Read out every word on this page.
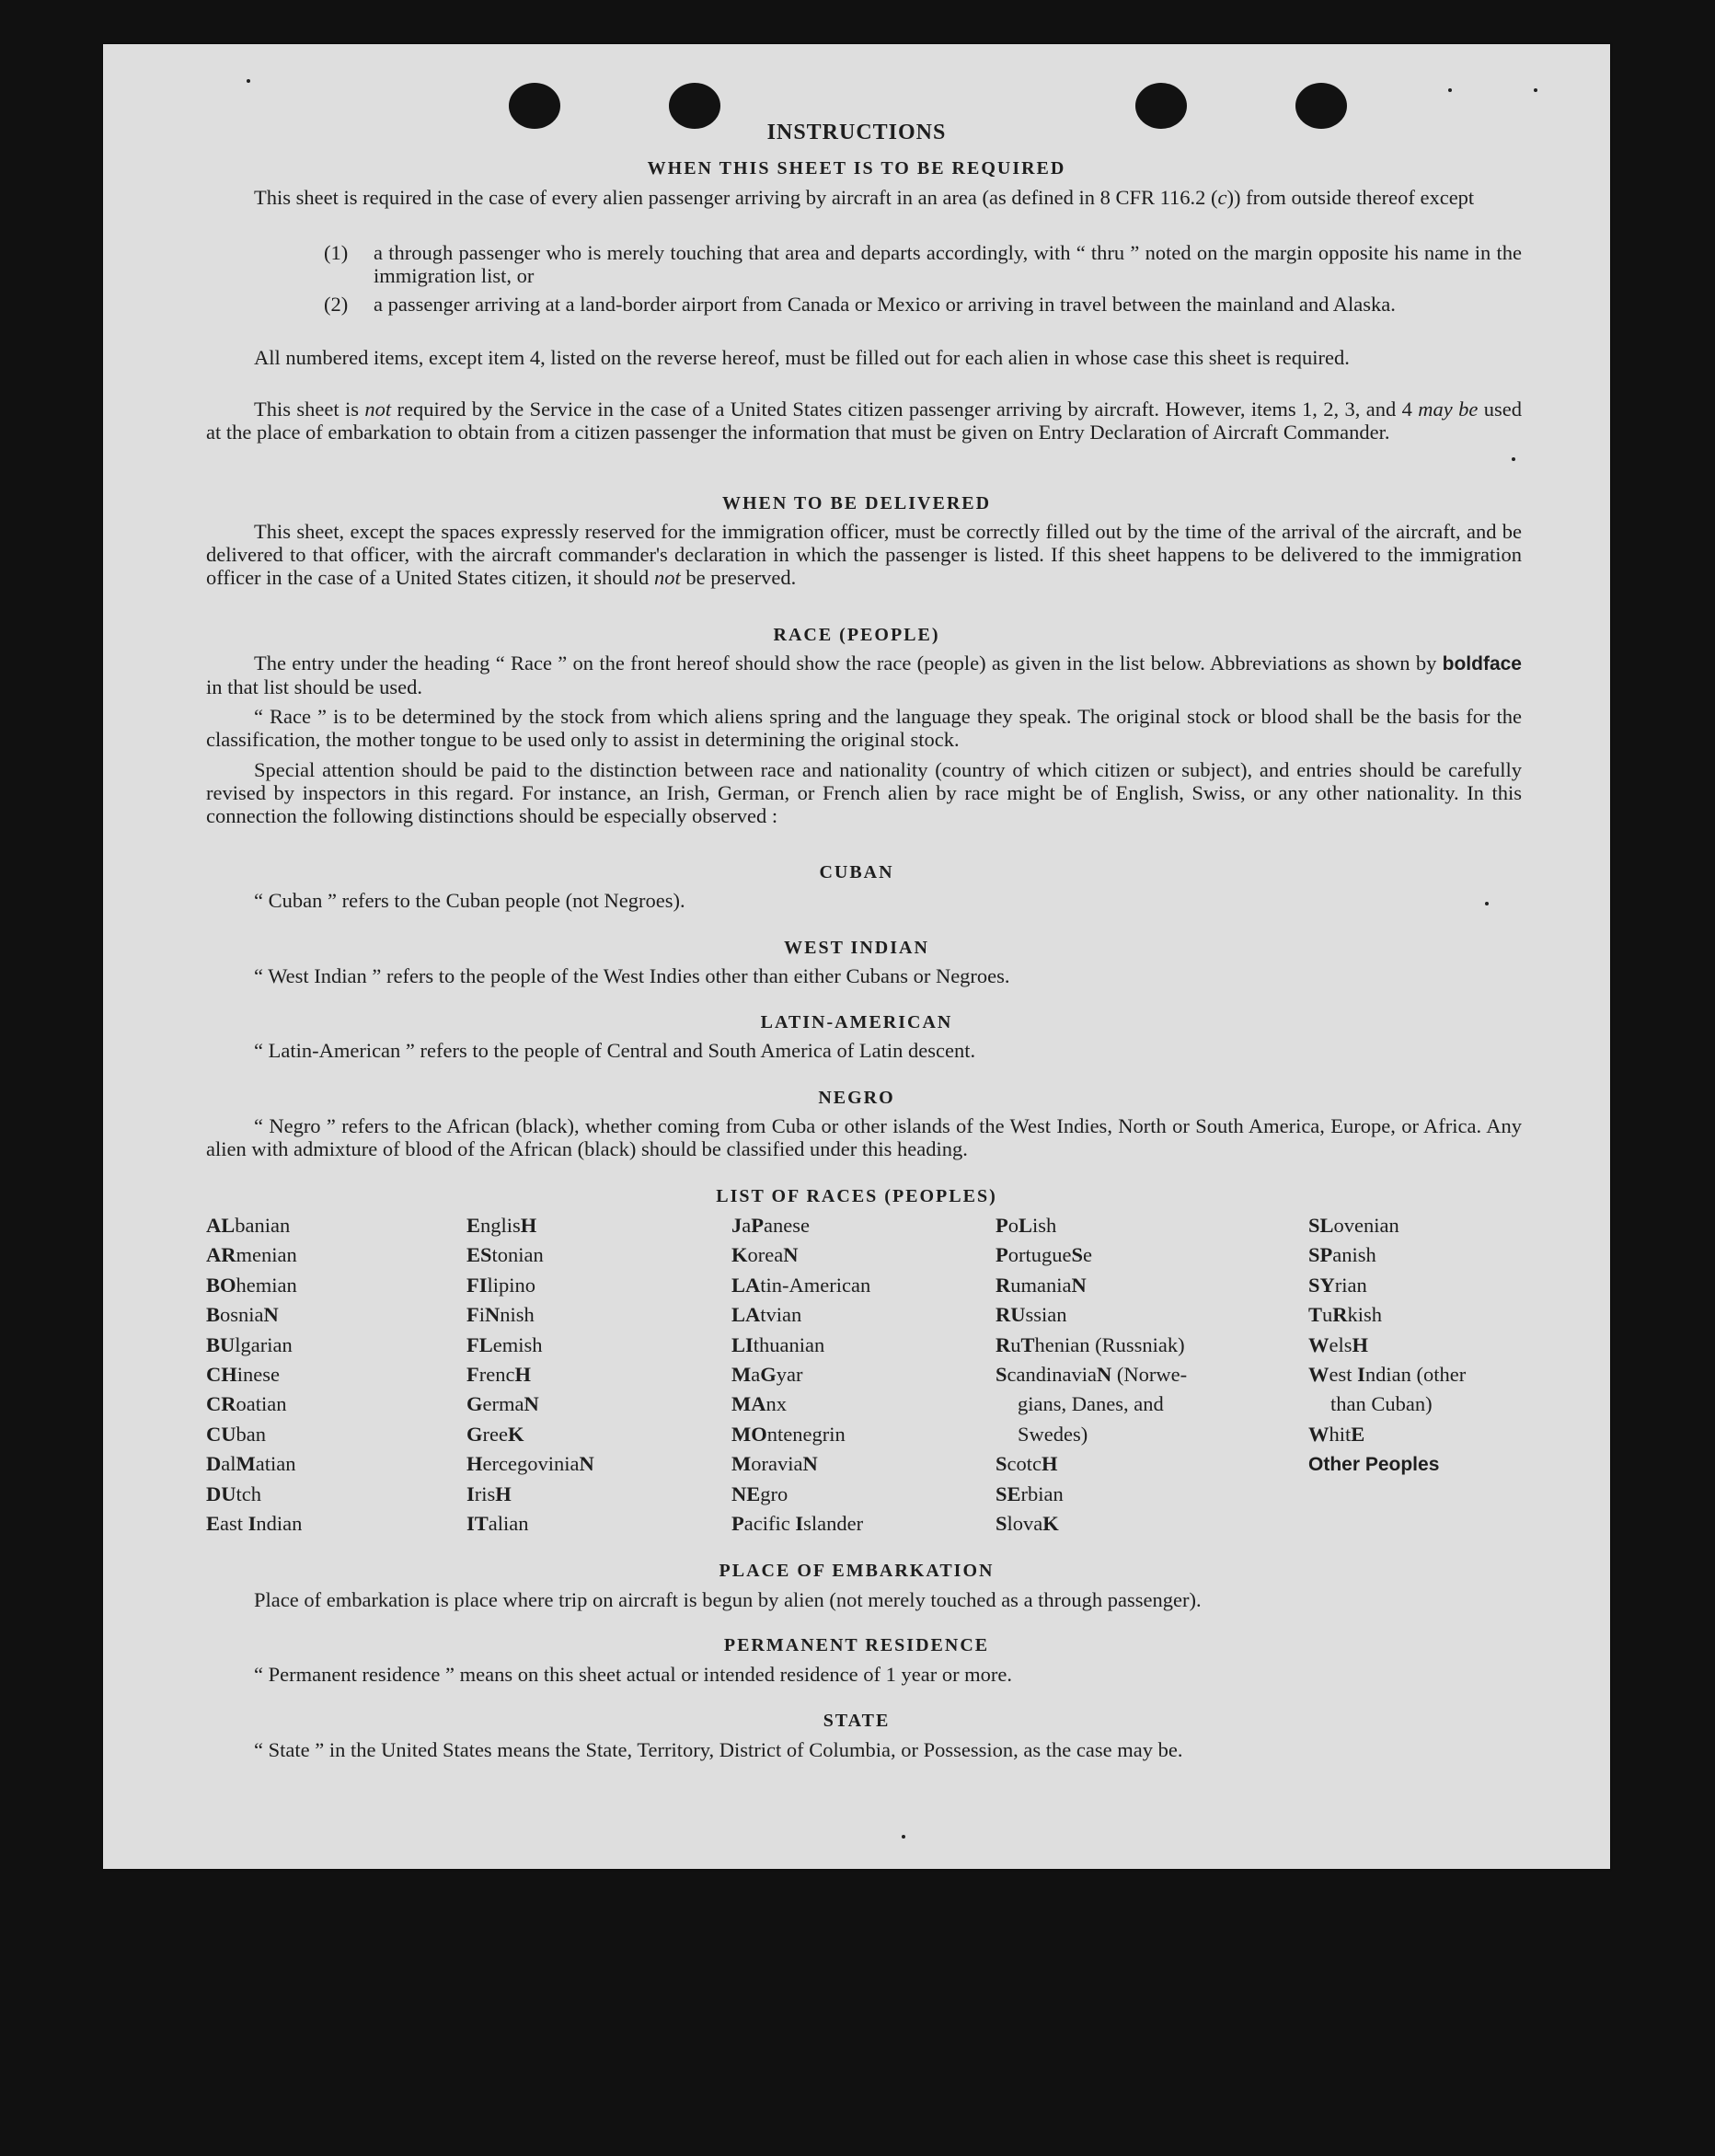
INSTRUCTIONS
WHEN THIS SHEET IS TO BE REQUIRED
This sheet is required in the case of every alien passenger arriving by aircraft in an area (as defined in 8 CFR 116.2 (c)) from outside thereof except
(1)	a through passenger who is merely touching that area and departs accordingly, with “ thru ” noted on the margin opposite his name in the immigration list, or
(2)	a passenger arriving at a land-border airport from Canada or Mexico or arriving in travel between the mainland and Alaska.
All numbered items, except item 4, listed on the reverse hereof, must be filled out for each alien in whose case this sheet is required.
This sheet is not required by the Service in the case of a United States citizen passenger arriving by aircraft. However, items 1, 2, 3, and 4 may be used at the place of embarkation to obtain from a citizen passenger the information that must be given on Entry Declaration of Aircraft Commander.
WHEN TO BE DELIVERED
This sheet, except the spaces expressly reserved for the immigration officer, must be correctly filled out by the time of the arrival of the aircraft, and be delivered to that officer, with the aircraft commander's declaration in which the passenger is listed. If this sheet happens to be delivered to the immigration officer in the case of a United States citizen, it should not be preserved.
RACE (PEOPLE)
The entry under the heading “ Race ” on the front hereof should show the race (people) as given in the list below. Abbreviations as shown by boldface in that list should be used.
“ Race ” is to be determined by the stock from which aliens spring and the language they speak. The original stock or blood shall be the basis for the classification, the mother tongue to be used only to assist in determining the original stock.
Special attention should be paid to the distinction between race and nationality (country of which citizen or subject), and entries should be carefully revised by inspectors in this regard. For instance, an Irish, German, or French alien by race might be of English, Swiss, or any other nationality. In this connection the following distinctions should be especially observed :
CUBAN
“ Cuban ” refers to the Cuban people (not Negroes).
WEST INDIAN
“ West Indian ” refers to the people of the West Indies other than either Cubans or Negroes.
LATIN-AMERICAN
“ Latin-American ” refers to the people of Central and South America of Latin descent.
NEGRO
“ Negro ” refers to the African (black), whether coming from Cuba or other islands of the West Indies, North or South America, Europe, or Africa. Any alien with admixture of blood of the African (black) should be classified under this heading.
LIST OF RACES (PEOPLES)
ALbanian
ARmenian
BOhemian
BosniaN
BUlgarian
CHinese
CRoatian
CUban
DalMatian
DUtch
East Indian
EnglisH
EStonian
FIlipino
FiNnish
FLemish
FrencH
GermaN
GreeK
HercegoviniaN
IrisH
ITalian
JaPanese
KoreaN
LAtin-American
LAtvian
LIthuanian
MaGyar
MAnx
MOntenegrin
MoraviaN
NEgro
Pacific Islander
PoLish
PortugueSe
RumaniaN
RUssian
RuThenian (Russniak)
ScandinaviaN (Norwe-
gians, Danes, and
Swedes)
ScotcH
SErbian
SlovaK
SLovenian
SPanish
SYrian
TuRkish
WelsH
West Indian (other
than Cuban)
WhitE
Other Peoples
PLACE OF EMBARKATION
Place of embarkation is place where trip on aircraft is begun by alien (not merely touched as a through passenger).
PERMANENT RESIDENCE
“ Permanent residence ” means on this sheet actual or intended residence of 1 year or more.
STATE
“ State ” in the United States means the State, Territory, District of Columbia, or Possession, as the case may be.
